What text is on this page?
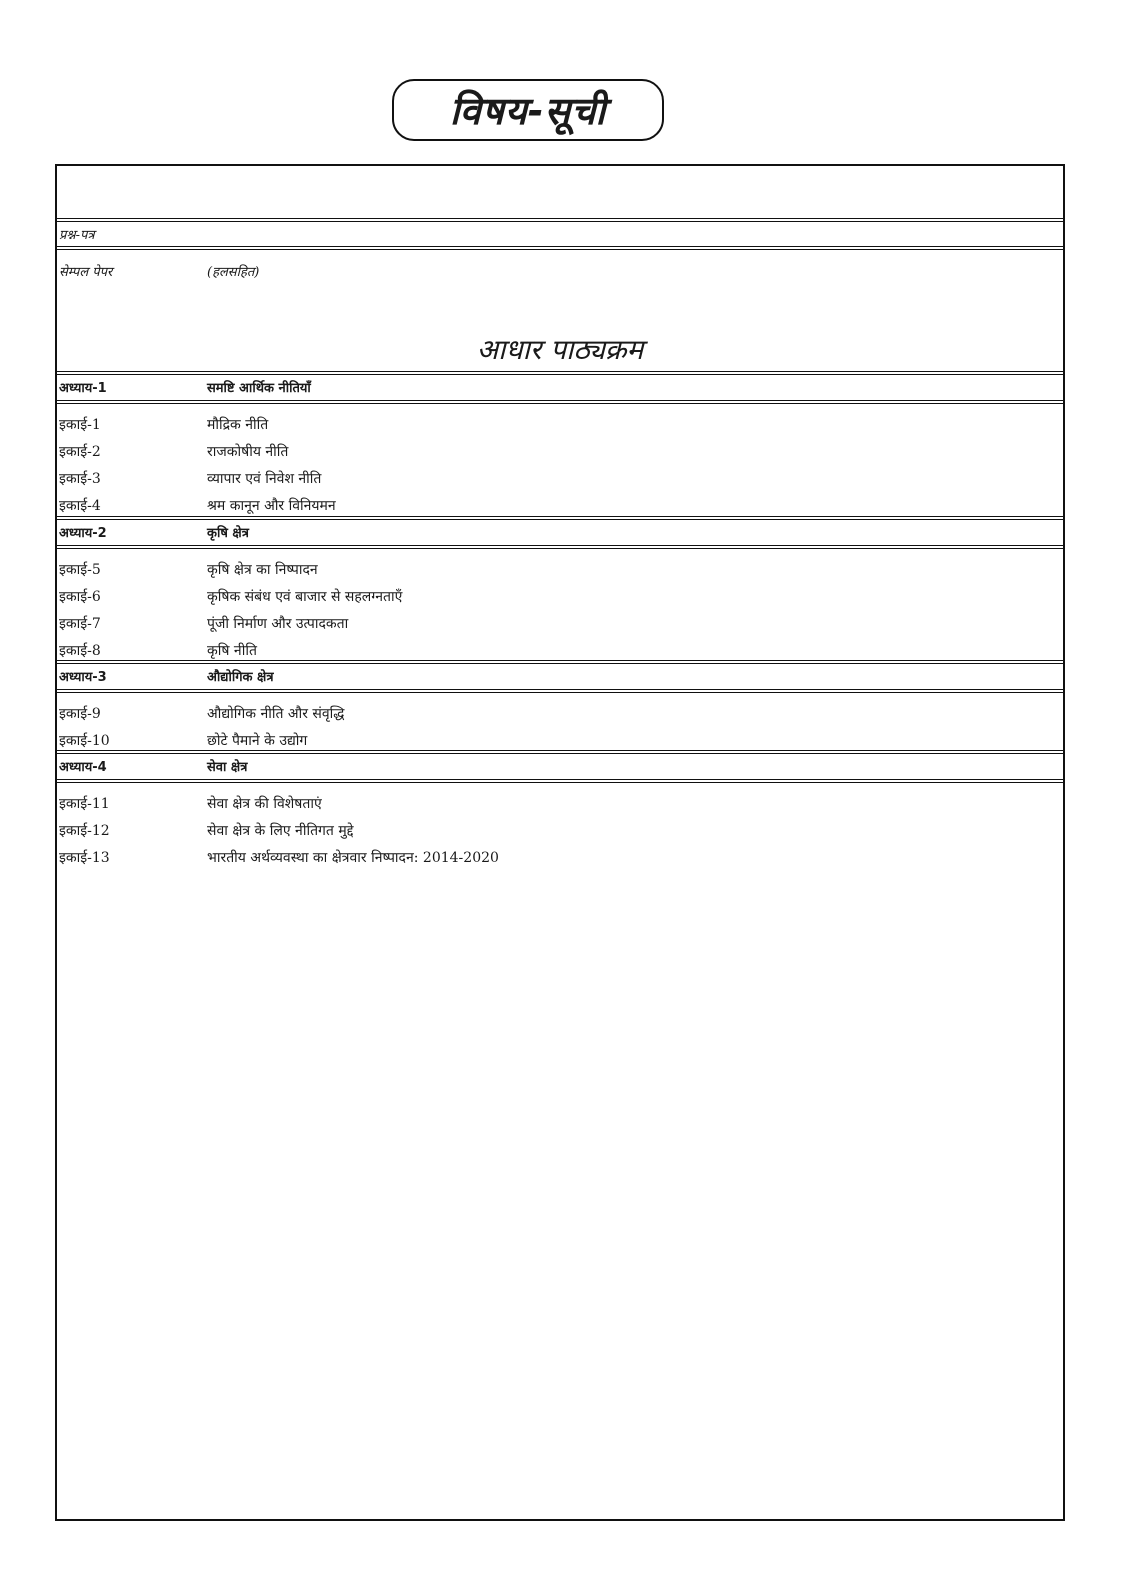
विषय-सूची
प्रश्न-पत्र
सेम्पल पेपर	(हलसहित)
आधार पाठ्यक्रम
अध्याय-1	समष्टि आर्थिक नीतियाँ
इकाई-1	मौद्रिक नीति
इकाई-2	राजकोषीय नीति
इकाई-3	व्यापार एवं निवेश नीति
इकाई-4	श्रम कानून और विनियमन
अध्याय-2	कृषि क्षेत्र
इकाई-5	कृषि क्षेत्र का निष्पादन
इकाई-6	कृषिक संबंध एवं बाजार से सहलग्नताएँ
इकाई-7	पूंजी निर्माण और उत्पादकता
इकाई-8	कृषि नीति
अध्याय-3	औद्योगिक क्षेत्र
इकाई-9	औद्योगिक नीति और संवृद्धि
इकाई-10	छोटे पैमाने के उद्योग
अध्याय-4	सेवा क्षेत्र
इकाई-11	सेवा क्षेत्र की विशेषताएं
इकाई-12	सेवा क्षेत्र के लिए नीतिगत मुद्दे
इकाई-13	भारतीय अर्थव्यवस्था का क्षेत्रवार निष्पादन: 2014-2020
